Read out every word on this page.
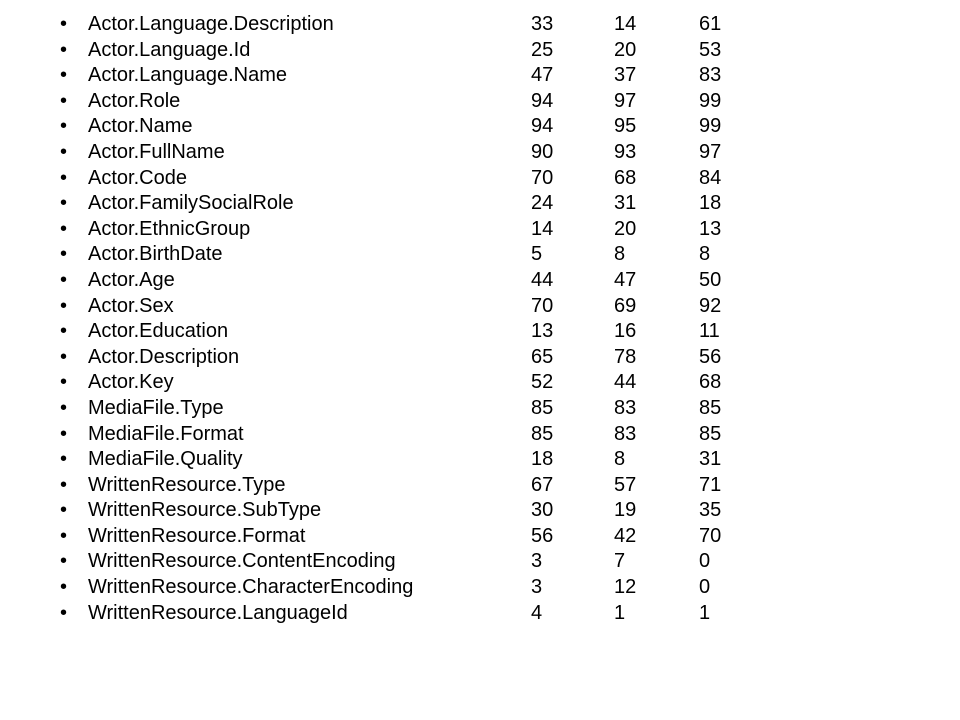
• Actor.Language.Description	33	14	61
• Actor.Language.Id	25	20	53
• Actor.Language.Name	47	37	83
• Actor.Role	94	97	99
• Actor.Name	94	95	99
• Actor.FullName	90	93	97
• Actor.Code	70	68	84
• Actor.FamilySocialRole	24	31	18
• Actor.EthnicGroup	14	20	13
• Actor.BirthDate	5	8	8
• Actor.Age	44	47	50
• Actor.Sex	70	69	92
• Actor.Education	13	16	11
• Actor.Description	65	78	56
• Actor.Key	52	44	68
• MediaFile.Type	85	83	85
• MediaFile.Format	85	83	85
• MediaFile.Quality	18	8	31
• WrittenResource.Type	67	57	71
• WrittenResource.SubType	30	19	35
• WrittenResource.Format	56	42	70
• WrittenResource.ContentEncoding	3	7	0
• WrittenResource.CharacterEncoding	3	12	0
• WrittenResource.LanguageId	4	1	1
